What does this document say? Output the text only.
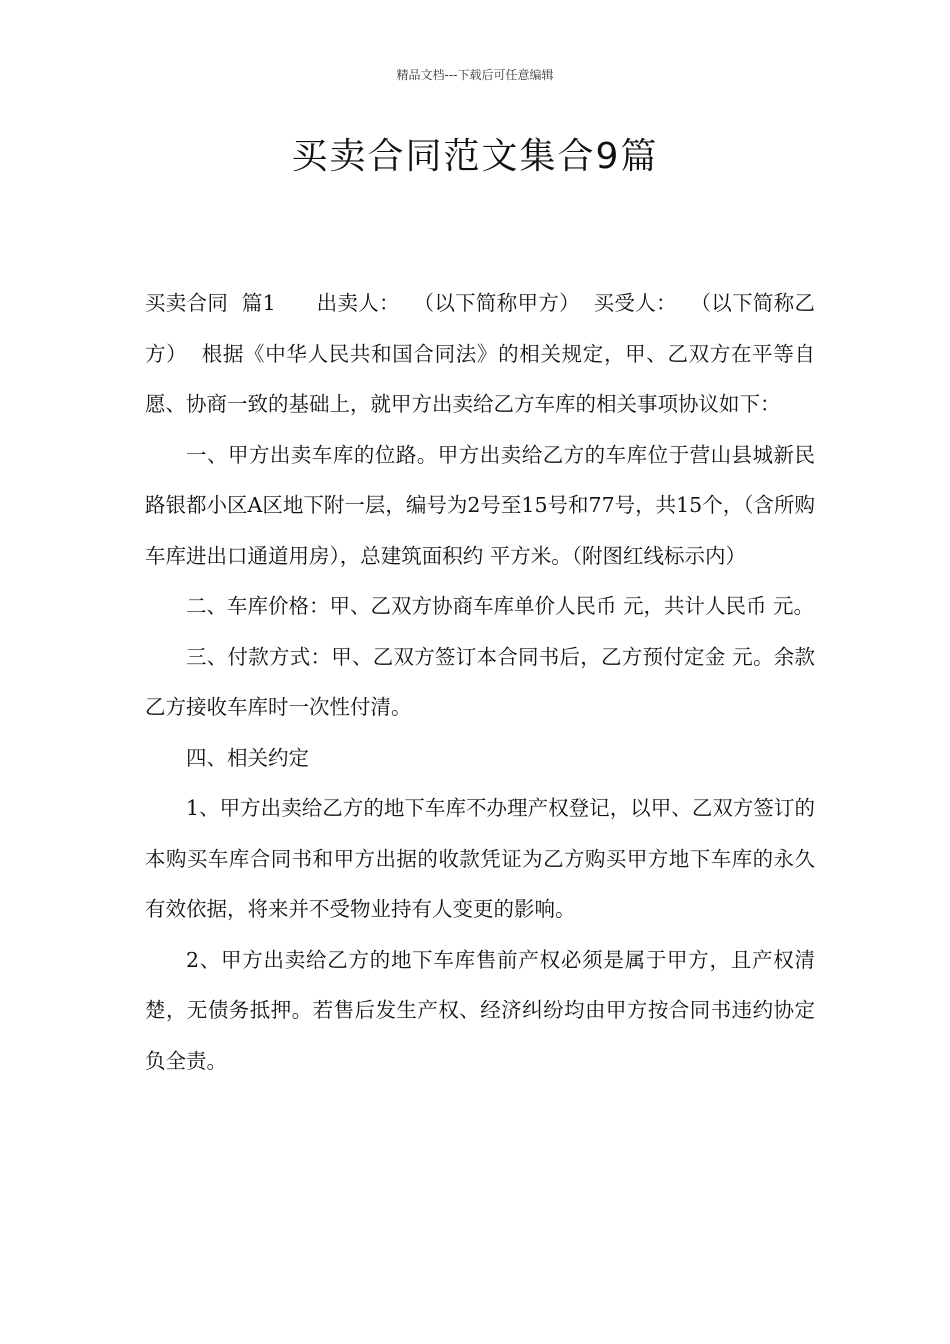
精品文档---下载后可任意编辑
买卖合同范文集合9篇

买卖合同  篇1      出卖人：  （以下简称甲方）  买受人：  （以下简称乙方）  根据《中华人民共和国合同法》的相关规定，甲、乙双方在平等自愿、协商一致的基础上，就甲方出卖给乙方车库的相关事项协议如下：

一、甲方出卖车库的位路。甲方出卖给乙方的车库位于营山县城新民路银都小区A区地下附一层，编号为2号至15号和77号，共15个，（含所购车库进出口通道用房），总建筑面积约 平方米。（附图红线标示内）

二、车库价格：甲、乙双方协商车库单价人民币 元，共计人民币 元。

三、付款方式：甲、乙双方签订本合同书后，乙方预付定金 元。余款乙方接收车库时一次性付清。

四、相关约定

1、甲方出卖给乙方的地下车库不办理产权登记，以甲、乙双方签订的本购买车库合同书和甲方出据的收款凭证为乙方购买甲方地下车库的永久有效依据，将来并不受物业持有人变更的影响。

2、甲方出卖给乙方的地下车库售前产权必须是属于甲方，且产权清楚，无债务抵押。若售后发生产权、经济纠纷均由甲方按合同书违约协定负全责。
